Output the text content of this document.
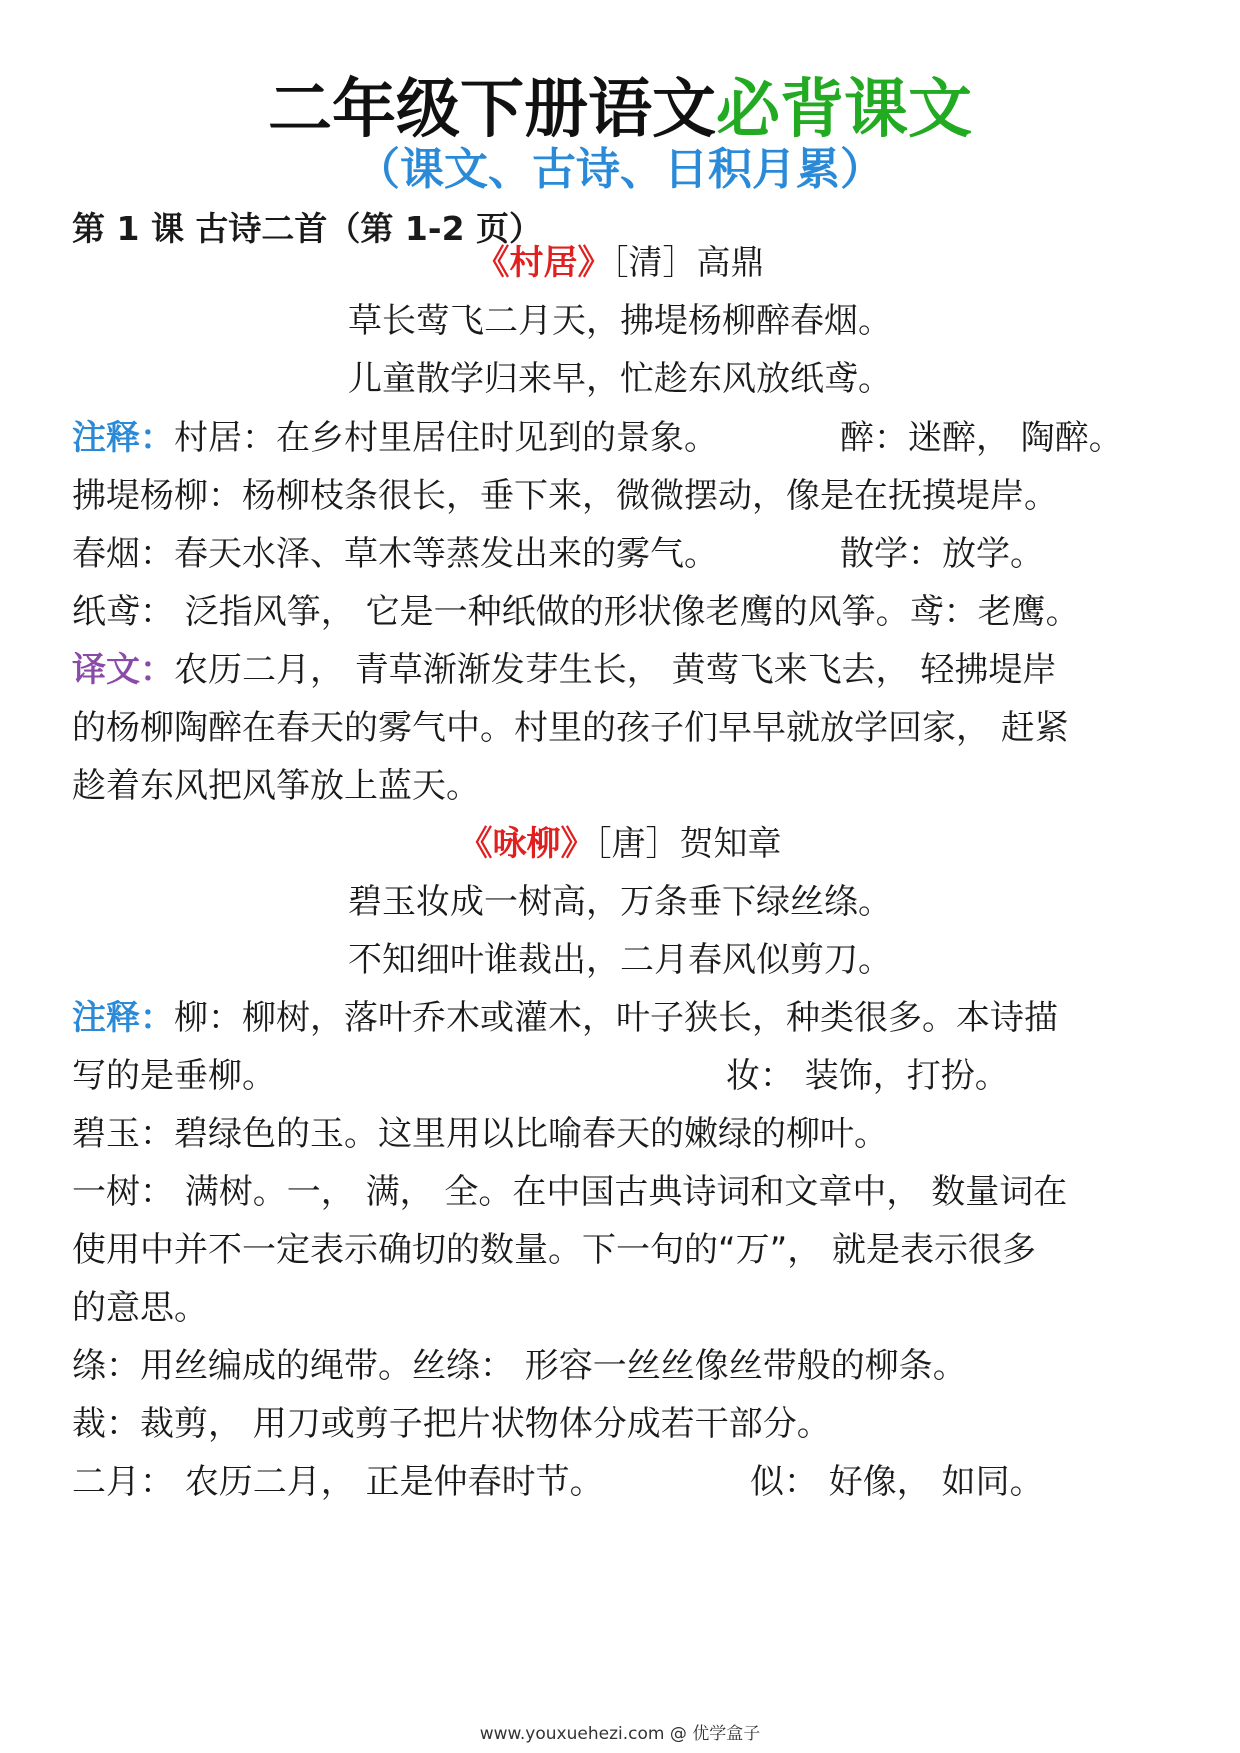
二年级下册语文必背课文
（课文、古诗、日积月累）
第 1 课 古诗二首（第 1-2 页）
《村居》［清］高鼎
草长莺飞二月天，拂堤杨柳醉春烟。
儿童散学归来早，忙趁东风放纸鸢。
注释：村居：在乡村里居住时见到的景象。	醉：迷醉， 陶醉。
拂堤杨柳：杨柳枝条很长，垂下来，微微摆动，像是在抚摸堤岸。
春烟：春天水泽、草木等蒸发出来的雾气。	散学：放学。
纸鸢： 泛指风筝， 它是一种纸做的形状像老鹰的风筝。鸢：老鹰。
译文：农历二月， 青草渐渐发芽生长， 黄莺飞来飞去， 轻拂堤岸
的杨柳陶醉在春天的雾气中。村里的孩子们早早就放学回家， 赶紧
趁着东风把风筝放上蓝天。
《咏柳》［唐］贺知章
碧玉妆成一树高，万条垂下绿丝绦。
不知细叶谁裁出，二月春风似剪刀。
注释：柳：柳树，落叶乔木或灌木，叶子狭长，种类很多。本诗描
写的是垂柳。	妆： 装饰，打扮。
碧玉：碧绿色的玉。这里用以比喻春天的嫩绿的柳叶。
一树： 满树。一， 满， 全。在中国古典诗词和文章中， 数量词在
使用中并不一定表示确切的数量。下一句的“万”， 就是表示很多
的意思。
绦：用丝编成的绳带。丝绦： 形容一丝丝像丝带般的柳条。
裁：裁剪， 用刀或剪子把片状物体分成若干部分。
二月： 农历二月， 正是仲春时节。	似： 好像， 如同。
www.youxuehezi.com @ 优学盒子
